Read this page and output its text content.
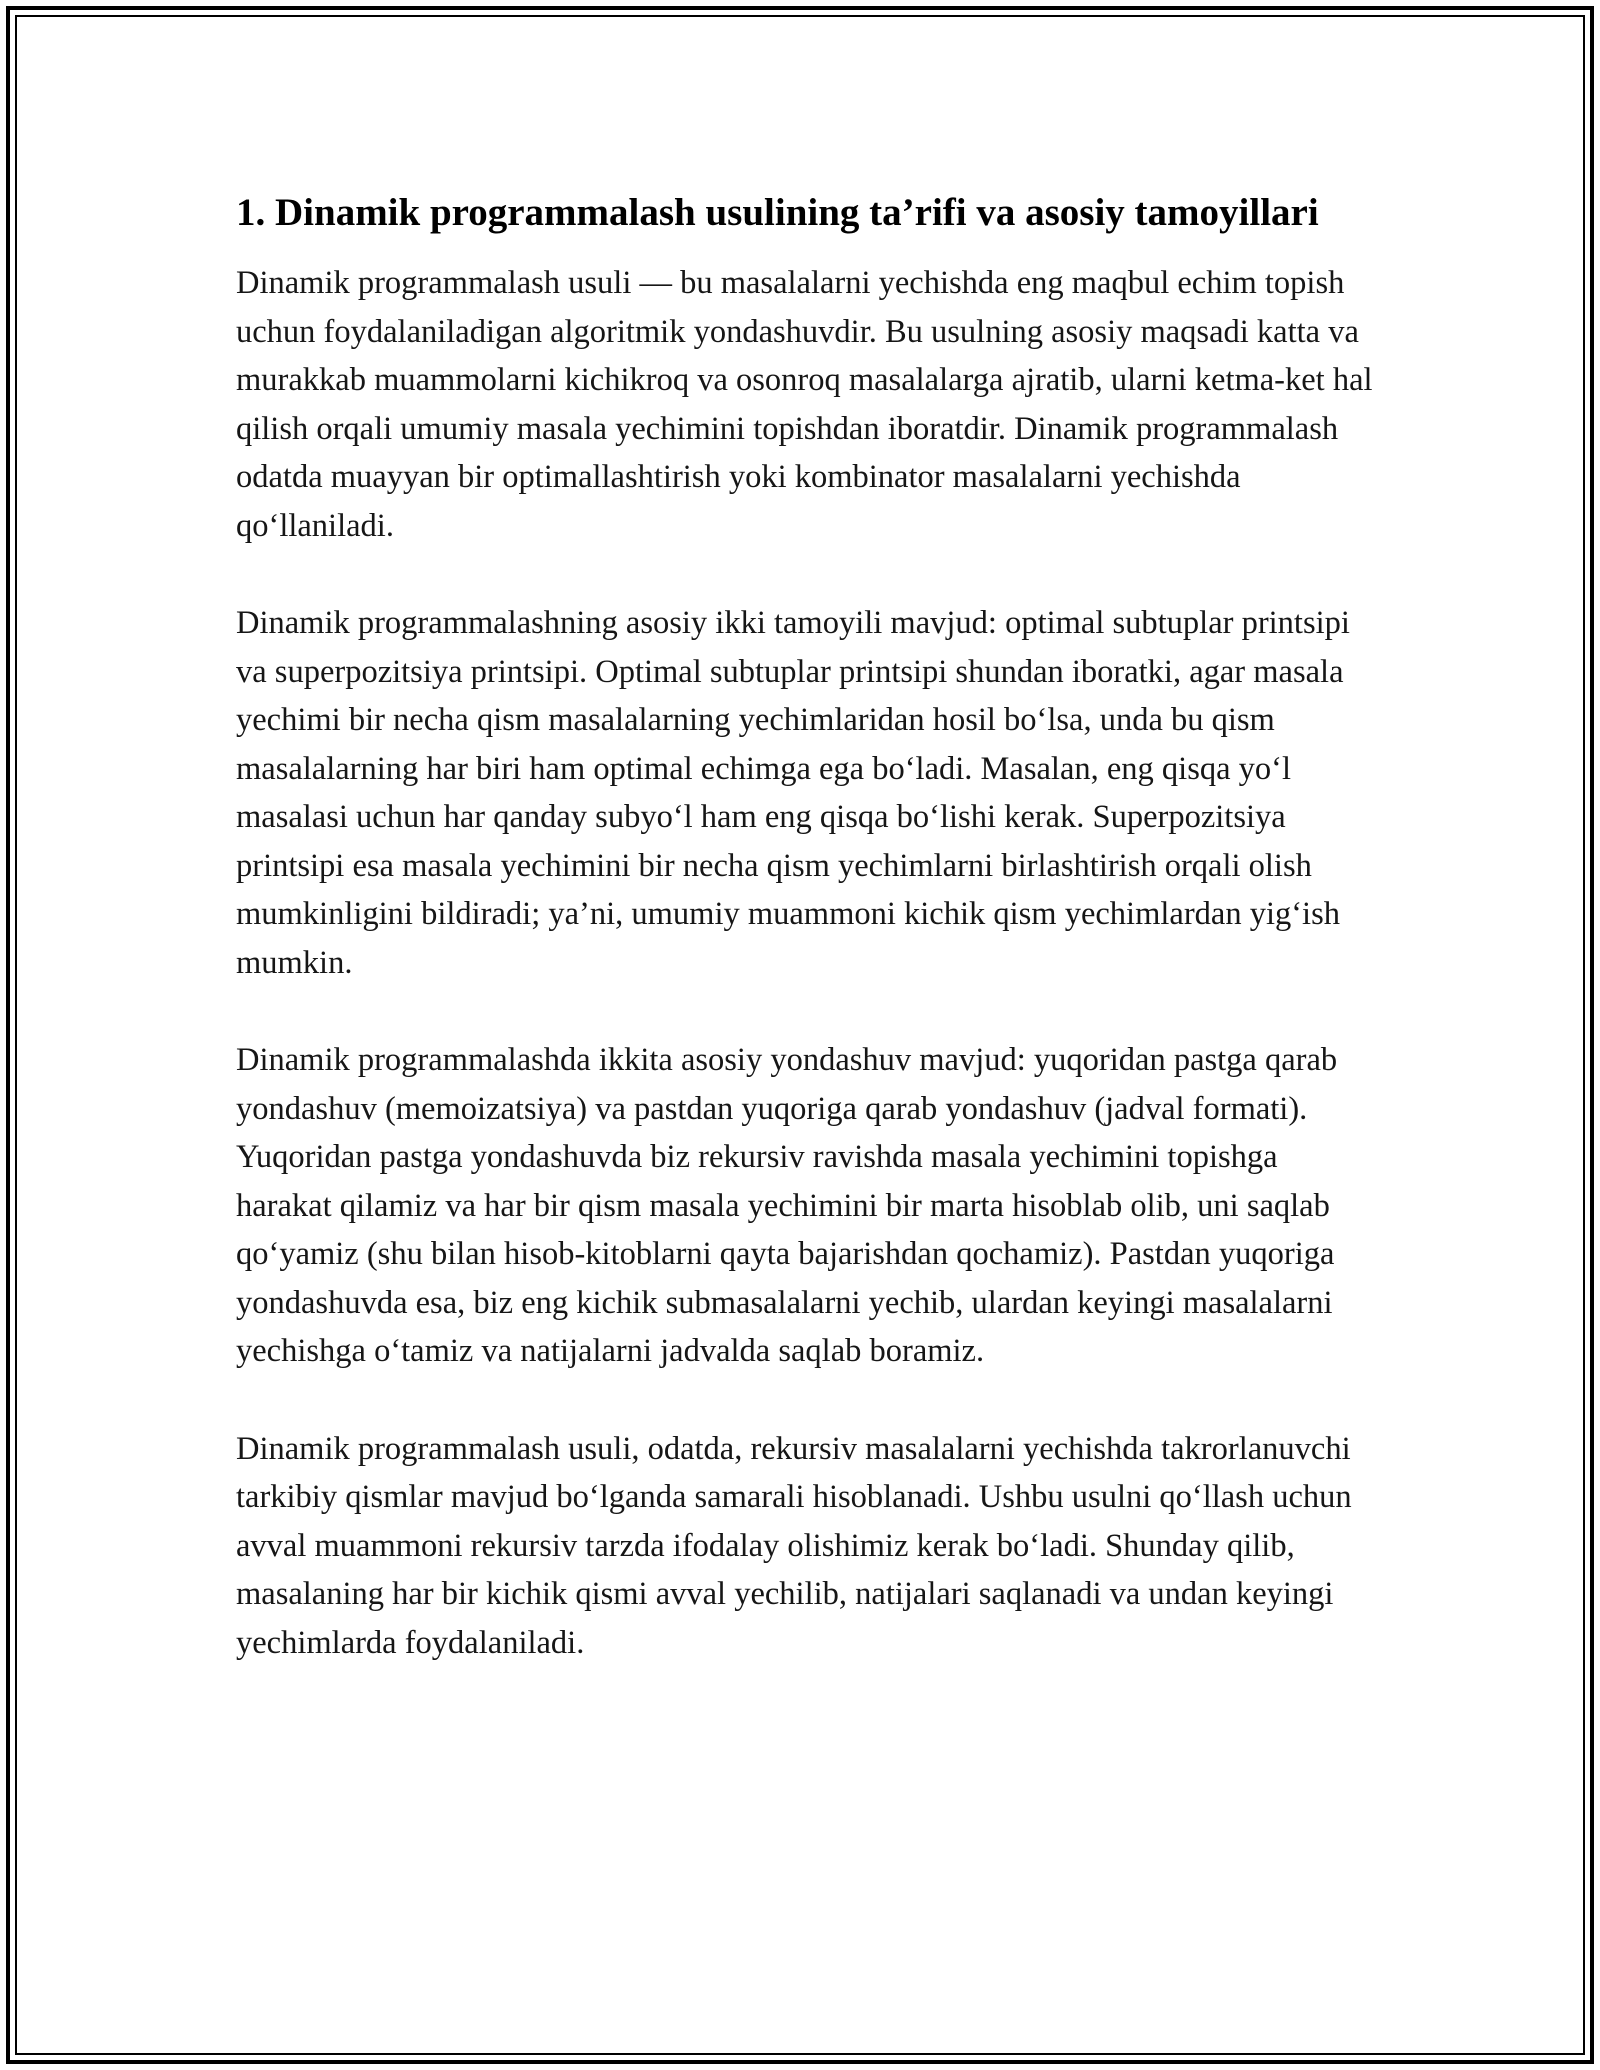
1. Dinamik programmalash usulining ta’rifi va asosiy tamoyillari

Dinamik programmalash usuli — bu masalalarni yechishda eng maqbul echim topish uchun foydalaniladigan algoritmik yondashuvdir. Bu usulning asosiy maqsadi katta va murakkab muammolarni kichikroq va osonroq masalalarga ajratib, ularni ketma-ket hal qilish orqali umumiy masala yechimini topishdan iboratdir. Dinamik programmalash odatda muayyan bir optimallashtirish yoki kombinator masalalarni yechishda qo‘llaniladi.

Dinamik programmalashning asosiy ikki tamoyili mavjud: optimal subtuplar printsipi va superpozitsiya printsipi. Optimal subtuplar printsipi shundan iboratki, agar masala yechimi bir necha qism masalalarning yechimlaridan hosil bo‘lsa, unda bu qism masalalarning har biri ham optimal echimga ega bo‘ladi. Masalan, eng qisqa yo‘l masalasi uchun har qanday subyo‘l ham eng qisqa bo‘lishi kerak. Superpozitsiya printsipi esa masala yechimini bir necha qism yechimlarni birlashtirish orqali olish mumkinligini bildiradi; ya’ni, umumiy muammoni kichik qism yechimlardan yig‘ish mumkin.

Dinamik programmalashda ikkita asosiy yondashuv mavjud: yuqoridan pastga qarab yondashuv (memoizatsiya) va pastdan yuqoriga qarab yondashuv (jadval formati). Yuqoridan pastga yondashuvda biz rekursiv ravishda masala yechimini topishga harakat qilamiz va har bir qism masala yechimini bir marta hisoblab olib, uni saqlab qo‘yamiz (shu bilan hisob-kitoblarni qayta bajarishdan qochamiz). Pastdan yuqoriga yondashuvda esa, biz eng kichik submasalalarni yechib, ulardan keyingi masalalarni yechishga o‘tamiz va natijalarni jadvalda saqlab boramiz.

Dinamik programmalash usuli, odatda, rekursiv masalalarni yechishda takrorlanuvchi tarkibiy qismlar mavjud bo‘lganda samarali hisoblanadi. Ushbu usulni qo‘llash uchun avval muammoni rekursiv tarzda ifodalay olishimiz kerak bo‘ladi. Shunday qilib, masalaning har bir kichik qismi avval yechilib, natijalari saqlanadi va undan keyingi yechimlarda foydalaniladi.
